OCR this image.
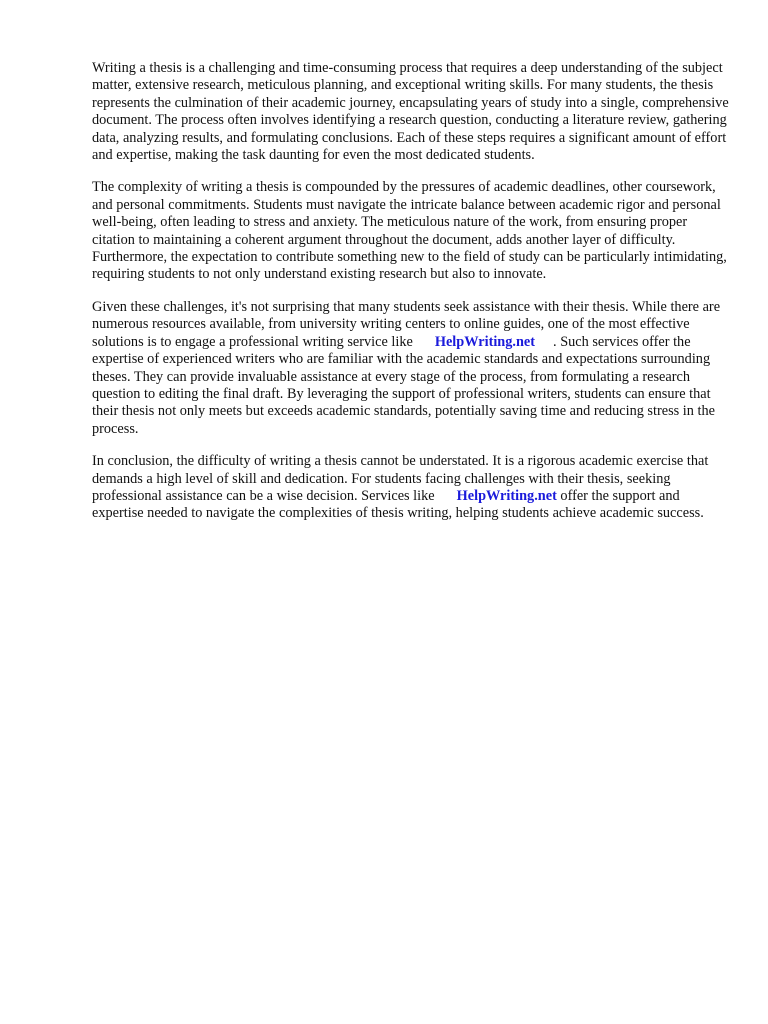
Writing a thesis is a challenging and time-consuming process that requires a deep understanding of the subject matter, extensive research, meticulous planning, and exceptional writing skills. For many students, the thesis represents the culmination of their academic journey, encapsulating years of study into a single, comprehensive document. The process often involves identifying a research question, conducting a literature review, gathering data, analyzing results, and formulating conclusions. Each of these steps requires a significant amount of effort and expertise, making the task daunting for even the most dedicated students.

The complexity of writing a thesis is compounded by the pressures of academic deadlines, other coursework, and personal commitments. Students must navigate the intricate balance between academic rigor and personal well-being, often leading to stress and anxiety. The meticulous nature of the work, from ensuring proper citation to maintaining a coherent argument throughout the document, adds another layer of difficulty. Furthermore, the expectation to contribute something new to the field of study can be particularly intimidating, requiring students to not only understand existing research but also to innovate.

Given these challenges, it's not surprising that many students seek assistance with their thesis. While there are numerous resources available, from university writing centers to online guides, one of the most effective solutions is to engage a professional writing service like HelpWriting.net . Such services offer the expertise of experienced writers who are familiar with the academic standards and expectations surrounding theses. They can provide invaluable assistance at every stage of the process, from formulating a research question to editing the final draft. By leveraging the support of professional writers, students can ensure that their thesis not only meets but exceeds academic standards, potentially saving time and reducing stress in the process.

In conclusion, the difficulty of writing a thesis cannot be understated. It is a rigorous academic exercise that demands a high level of skill and dedication. For students facing challenges with their thesis, seeking professional assistance can be a wise decision. Services like HelpWriting.net offer the support and expertise needed to navigate the complexities of thesis writing, helping students achieve academic success.
